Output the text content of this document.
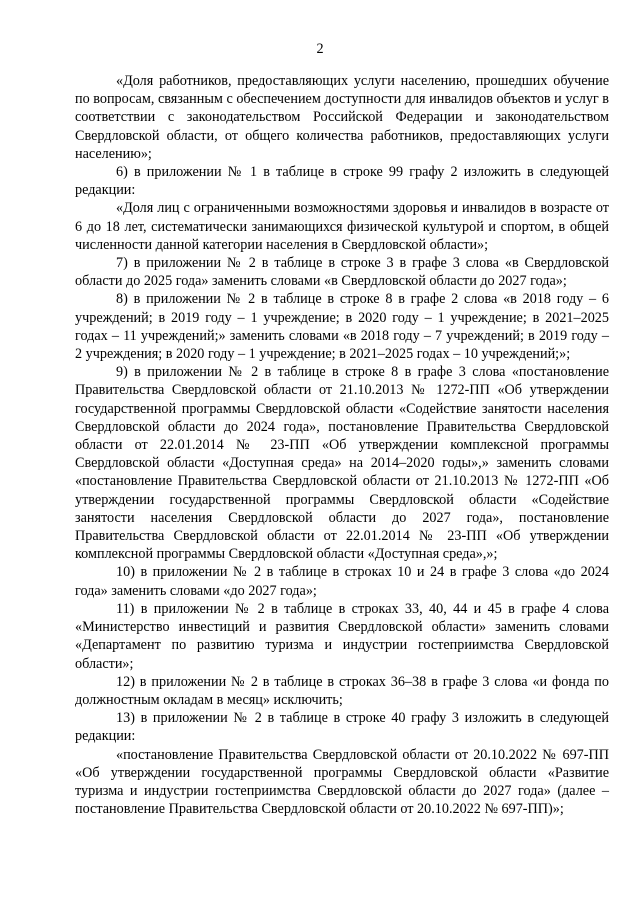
2

«Доля работников, предоставляющих услуги населению, прошедших обучение по вопросам, связанным с обеспечением доступности для инвалидов объектов и услуг в соответствии с законодательством Российской Федерации и законодательством Свердловской области, от общего количества работников, предоставляющих услуги населению»;

6) в приложении № 1 в таблице в строке 99 графу 2 изложить в следующей редакции:

«Доля лиц с ограниченными возможностями здоровья и инвалидов в возрасте от 6 до 18 лет, систематически занимающихся физической культурой и спортом, в общей численности данной категории населения в Свердловской области»;

7) в приложении № 2 в таблице в строке 3 в графе 3 слова «в Свердловской области до 2025 года» заменить словами «в Свердловской области до 2027 года»;

8) в приложении № 2 в таблице в строке 8 в графе 2 слова «в 2018 году – 6 учреждений; в 2019 году – 1 учреждение; в 2020 году – 1 учреждение; в 2021–2025 годах – 11 учреждений;» заменить словами «в 2018 году – 7 учреждений; в 2019 году – 2 учреждения; в 2020 году – 1 учреждение; в 2021–2025 годах – 10 учреждений;»;

9) в приложении № 2 в таблице в строке 8 в графе 3 слова «постановление Правительства Свердловской области от 21.10.2013 № 1272-ПП «Об утверждении государственной программы Свердловской области «Содействие занятости населения Свердловской области до 2024 года», постановление Правительства Свердловской области от 22.01.2014 № 23-ПП «Об утверждении комплексной программы Свердловской области «Доступная среда» на 2014–2020 годы»,» заменить словами «постановление Правительства Свердловской области от 21.10.2013 № 1272-ПП «Об утверждении государственной программы Свердловской области «Содействие занятости населения Свердловской области до 2027 года», постановление Правительства Свердловской области от 22.01.2014 № 23-ПП «Об утверждении комплексной программы Свердловской области «Доступная среда»,»;

10) в приложении № 2 в таблице в строках 10 и 24 в графе 3 слова «до 2024 года» заменить словами «до 2027 года»;

11) в приложении № 2 в таблице в строках 33, 40, 44 и 45 в графе 4 слова «Министерство инвестиций и развития Свердловской области» заменить словами «Департамент по развитию туризма и индустрии гостеприимства Свердловской области»;

12) в приложении № 2 в таблице в строках 36–38 в графе 3 слова «и фонда по должностным окладам в месяц» исключить;

13) в приложении № 2 в таблице в строке 40 графу 3 изложить в следующей редакции:

«постановление Правительства Свердловской области от 20.10.2022 № 697-ПП «Об утверждении государственной программы Свердловской области «Развитие туризма и индустрии гостеприимства Свердловской области до 2027 года» (далее – постановление Правительства Свердловской области от 20.10.2022 № 697-ПП)»;
